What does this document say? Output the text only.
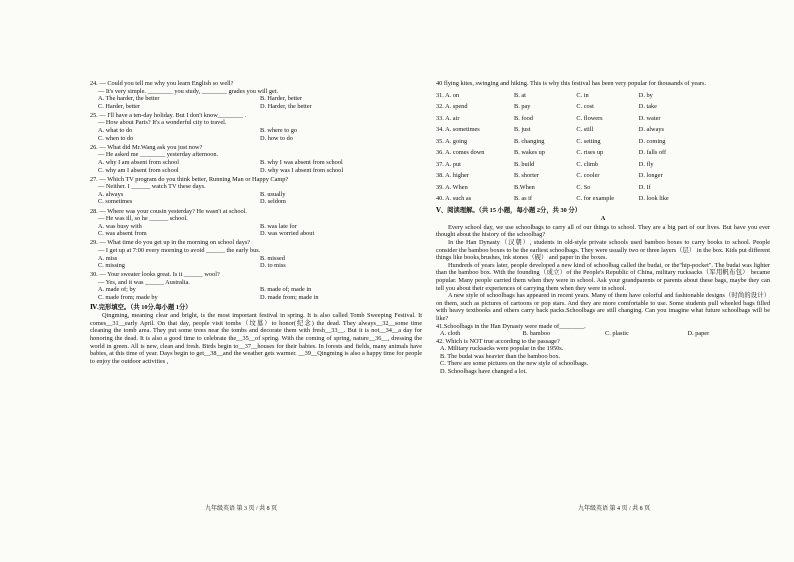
24. — Could you tell me why you learn English so well?
— It's very simple. ________ you study, ________ grades you will get.
A. The harder, the better	B. Harder, better
C. Harder, better	D. Harder, the better
25. — I'll have a ten-day holiday. But I don't know________ .
— How about Paris? It's a wonderful city to travel.
A. what to do	B. where to go
C. when to do	D. how to do
26. — What did Mr.Wang ask you just now?
— He asked me ________ yesterday afternoon.
A. why I am absent from school	B. why I was absent from school
C. why am I absent from school	D. why was I absent from school
27. — Which TV program do you think better, Running Man or Happy Camp?
— Neither. I ______ watch TV these days.
A. always	B. usually
C. sometimes	D. seldom
28. — Where was your cousin yesterday? He wasn't at school.
— He was ill, so he ______ school.
A. was busy with	B. was late for
C. was absent from	D. was worried about
29. — What time do you get up in the morning on school days?
— I get up at 7:00 every morning to avoid ______ the early bus.
A. miss	B. missed
C. missing	D. to miss
30. — Your sweater looks great. Is it ______ wool?
— Yes, and it was ______ Australia.
A. made of; by	B. made of; made in
C. made from; made by	D. made from; made in
Ⅳ.完形填空。（共 10分,每小题 1分）

Qingming, meaning clear and bright, is the most important festival in spring. It is also called Tomb Sweeping Festival. It comes__31__early April. On that day, people visit tombs（坟墓）to honor(纪念) the dead. They always__32__some time cleaning the tomb area. They put some trees near the tombs and decorate them with fresh__33__. But it is not__34__a day for honoring the dead. It is also a good time to celebrate the__35__of spring. With the coming of spring, nature__36__, dressing the world in green. All is new, clean and fresh. Birds begin to__37__houses for their babies. In forests and fields, many animals have babies, at this time of year. Days begin to get__38__and the weather gets warmer. __39__Qingming is also a happy time for people to enjoy the outdoor activities ,

九年级英语 第 3 页 / 共 8 页

40 flying kites, swinging and hiking. This is why this festival has been very popular for thousands of years.

31. A. on	B. at	C. in	D. by
32. A. spend	B. pay	C. cost	D. take
33. A. air	B. food	C. flowers	D. water
34. A. sometimes	B. just	C. still	D. always
35. A. going	B. changing	C. setting	D. coming
36. A. comes down	B. wakes up	C. rises up	D. falls off
37. A. put	B. build	C. climb	D. fly
38. A. higher	B. shorter	C. cooler	D. longer
39. A. When	B.When	C. So	D. If
40. A. such as	B. as if	C. for example	D. look like
Ⅴ、阅读理解。（共 15 小题，每小题 2分，共 30 分）
A

Every school day, we use schoolbags to carry all of our things to school. They are a big part of our lives. But have you ever thought about the history of the schoolbag?

In the Han Dynasty（汉朝）, students in old-style private schools used bamboo boxes to carry books to school. People consider the bamboo boxes to be the earliest schoolbags. They were usually two or three layers（层） in the box. Kids put different things like books,brushes, ink stones（砚） and paper in the boxes.

Hundreds of years later, people developed a new kind of schoolbag called the budai, or the"hip-pocket". The budai was lighter than the bamboo box. With the founding（成立）of the People's Republic of China, military rucksacks（军用帆布包） became popular. Many people carried them when they were in school. Ask your grandparents or parents about these bags, maybe they can tell you about their experiences of carrying them when they were in school.

A new style of schoolbags has appeared in recent years. Many of them have colorful and fashionable designs（时尚的设计）on them, such as pictures of cartoons or pop stars. And they are more comfortable to use. Some students pull wheeled bags filled with heavy textbooks and others carry back packs.Schoolbags are still changing. Can you imagine what future schoolbags will be like?

41.Schoolbags in the Han Dynasty were made of________.
A. cloth	B. bamboo	C. plastic	D. paper
42. Which is NOT true according to the passage?
A. Military rucksacks were popular in the 1950s.
B. The budai was heavier than the bamboo box.
C. There are some pictures on the new style of schoolbags.
D. Schoolbags have changed a lot.
九年级英语 第 4 页 / 共 8 页
